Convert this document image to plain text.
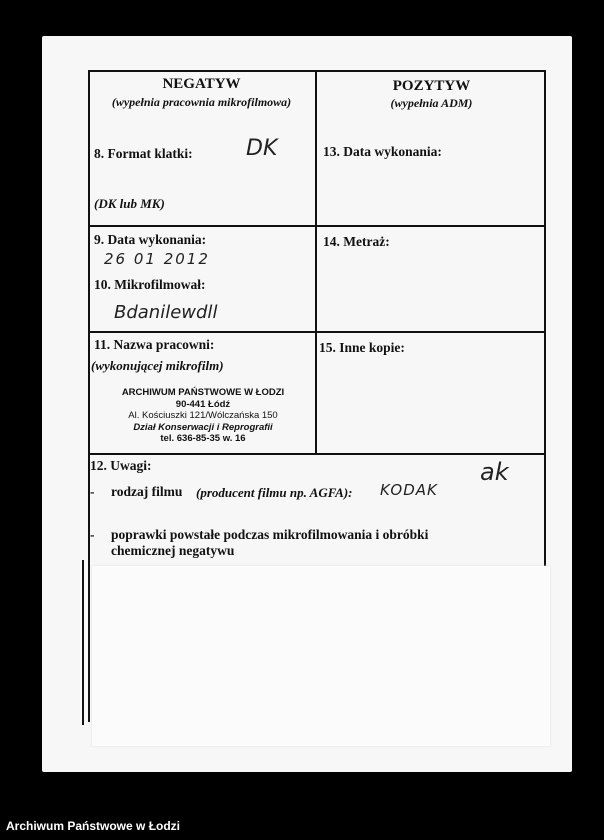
NEGATYW
(wypełnia pracownia mikrofilmowa)
POZYTYW
(wypełnia ADM)
8. Format klatki: DK
(DK lub MK)
13. Data wykonania:
9. Data wykonania:
26 01 2012
10. Mikrofilmował:
Bdanilewdll
14. Metraż:
11. Nazwa pracowni:
(wykonującej mikrofilm)
ARCHIWUM PAŃSTWOWE W ŁODZI
90-441 Łódź
Al. Kościuszki 121/Wólczańska 150
Dział Konserwacji i Reprografii
tel. 636-85-35 w. 16
15. Inne kopie:
12. Uwagi:
- rodzaj filmu (producent filmu np. AGFA): KODAK
ak
- poprawki powstałe podczas mikrofilmowania i obróbki
chemicznej negatywu
Archiwum Państwowe w Łodzi
